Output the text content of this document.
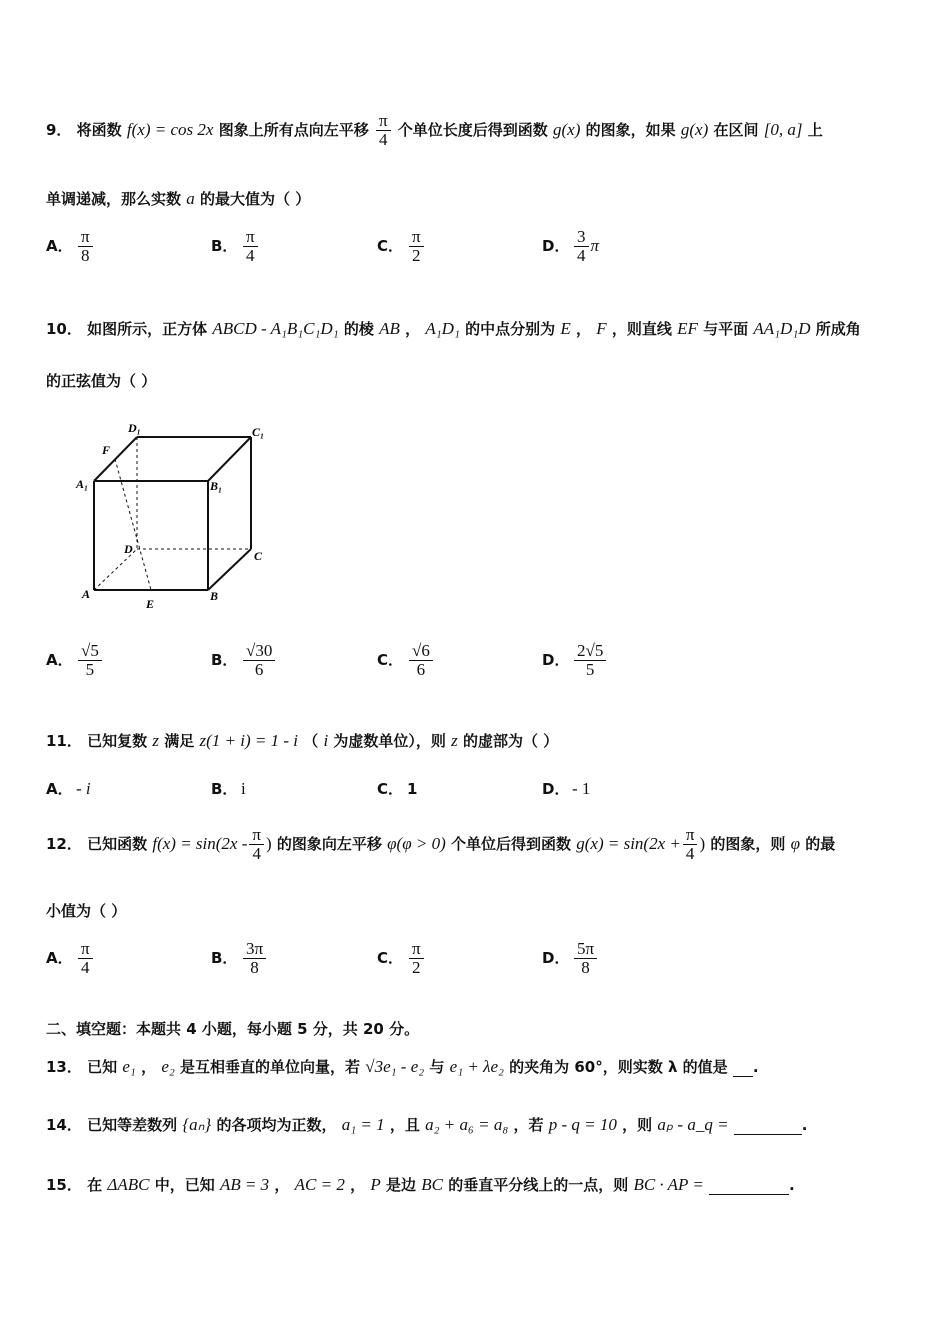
9． 将函数 f(x) = cos 2x 图象上所有点向左平移 $\frac{\pi}{4}$ 个单位长度后得到函数 g(x) 的图象，如果 g(x) 在区间 [0, a] 上
单调递减，那么实数 a 的最大值为（ ）
A． $\frac{\pi}{8}$	B． $\frac{\pi}{4}$	C． $\frac{\pi}{2}$	D． $\frac{3}{4}$ π
10． 如图所示，正方体 ABCD - A₁B₁C₁D₁ 的棱 AB ， A₁D₁ 的中点分别为 E ， F ，则直线 EF 与平面 AA₁D₁D 所成角
的正弦值为（ ）
D₁	C₁
F
A₁	B₁
D	C
A	B
E
A． $\frac{√5}{5}$	B． $\frac{√30}{6}$	C． $\frac{√6}{6}$	D． $\frac{2√5}{5}$
11． 已知复数 z 满足 z(1 + i) = 1 - i （ i 为虚数单位），则 z 的虚部为（ ）
A． - i	B． i	C． 1	D． - 1
12． 已知函数 $f(x) = \sin(2x - \frac{\pi}{4}$ ) 的图象向左平移 φ(φ > 0) 个单位后得到函数 $g(x) = \sin(2x + \frac{\pi}{4}$ ) 的图象，则 φ 的最
小值为（ ）
A． $\frac{\pi}{4}$	B． $\frac{3\pi}{8}$	C． $\frac{\pi}{2}$	D． $\frac{5\pi}{8}$
二、填空题：本题共 4 小题，每小题 5 分，共 20 分。
13． 已知 e₁ ， e₂ 是互相垂直的单位向量，若 √3e₁ - e₂ 与 e₁ + λe₂ 的夹角为 60°，则实数 λ 的值是 .
14． 已知等差数列 {aₙ} 的各项均为正数， a₁ = 1 ，且 a₂ + a₆ = a₈ ，若 p - q = 10 ，则 aₚ - a_q =	.
15． 在 ΔABC 中，已知 AB = 3 ， AC = 2 ， P 是边 BC 的垂直平分线上的一点，则 BC · AP =	.
